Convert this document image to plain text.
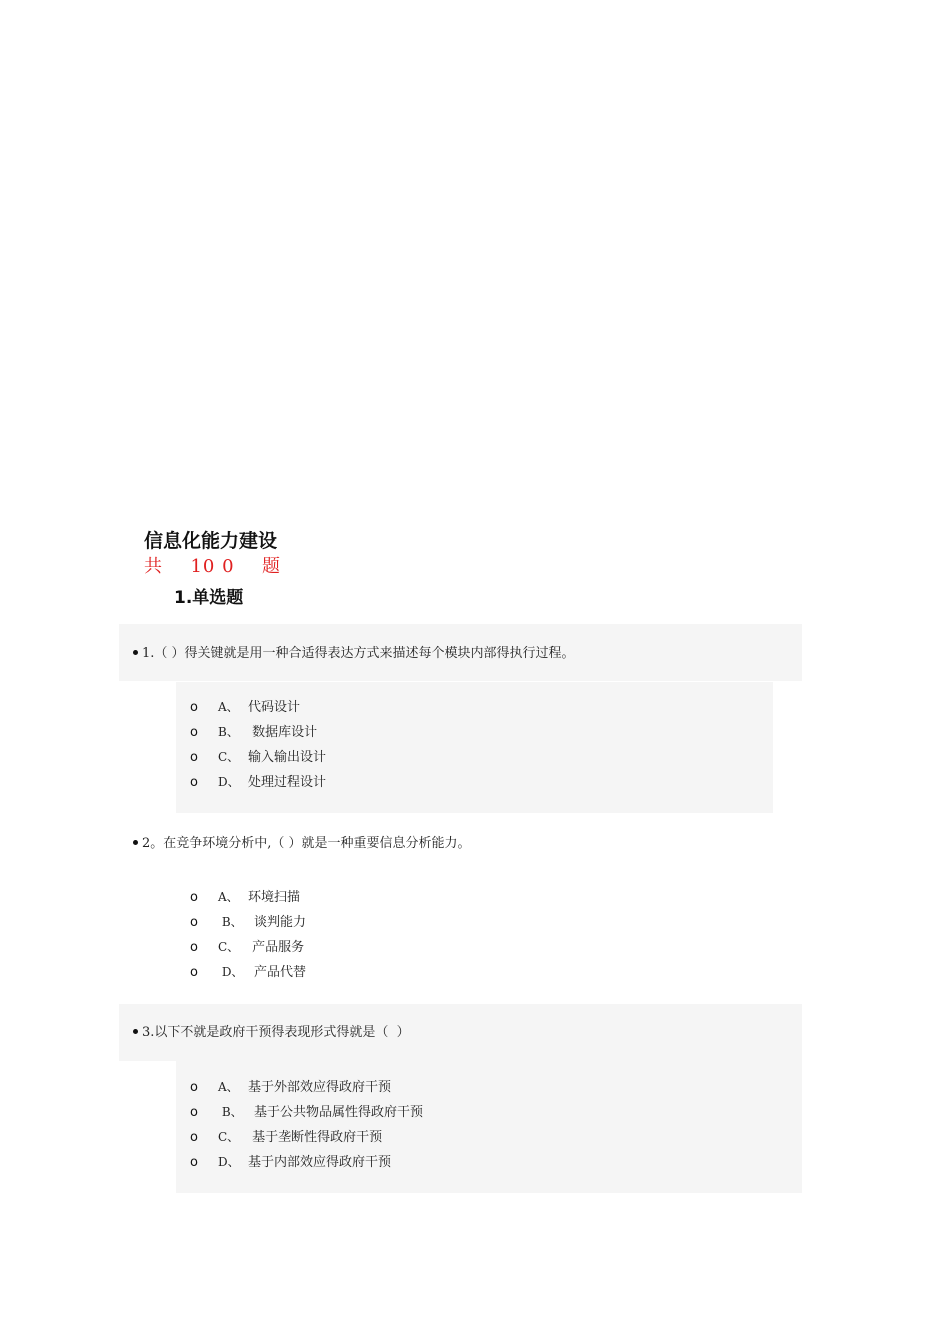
信息化能力建设
共 10 0 题
1.单选题
1.（ ）得关键就是用一种合适得表达方式来描述每个模块内部得执行过程。
o A、 代码设计
o B、 数据库设计
o C、 输入输出设计
o D、 处理过程设计
2。在竞争环境分析中,（ ）就是一种重要信息分析能力。
o A、 环境扫描
o B、 谈判能力
o C、 产品服务
o D、 产品代替
3.以下不就是政府干预得表现形式得就是（  ）
o A、 基于外部效应得政府干预
o B、 基于公共物品属性得政府干预
o C、 基于垄断性得政府干预
o D、 基于内部效应得政府干预
